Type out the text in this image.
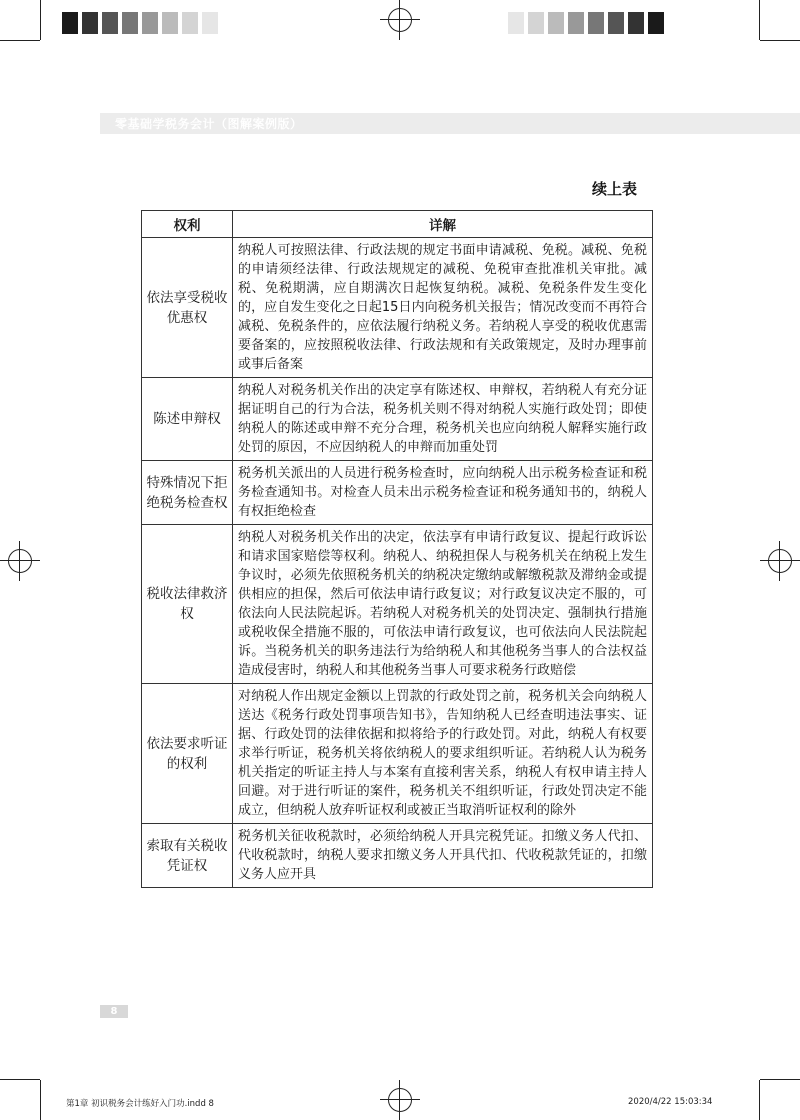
零基础学税务会计（图解案例版）
续上表
权利	详解
依法享受税收优惠权	纳税人可按照法律、行政法规的规定书面申请减税、免税。减税、免税的申请须经法律、行政法规规定的减税、免税审查批准机关审批。减税、免税期满，应自期满次日起恢复纳税。减税、免税条件发生变化的，应自发生变化之日起15日内向税务机关报告；情况改变而不再符合减税、免税条件的，应依法履行纳税义务。若纳税人享受的税收优惠需要备案的，应按照税收法律、行政法规和有关政策规定，及时办理事前或事后备案
陈述申辩权	纳税人对税务机关作出的决定享有陈述权、申辩权，若纳税人有充分证据证明自己的行为合法，税务机关则不得对纳税人实施行政处罚；即使纳税人的陈述或申辩不充分合理，税务机关也应向纳税人解释实施行政处罚的原因，不应因纳税人的申辩而加重处罚
特殊情况下拒绝税务检查权	税务机关派出的人员进行税务检查时，应向纳税人出示税务检查证和税务检查通知书。对检查人员未出示税务检查证和税务通知书的，纳税人有权拒绝检查
税收法律救济权	纳税人对税务机关作出的决定，依法享有申请行政复议、提起行政诉讼和请求国家赔偿等权利。纳税人、纳税担保人与税务机关在纳税上发生争议时，必须先依照税务机关的纳税决定缴纳或解缴税款及滞纳金或提供相应的担保，然后可依法申请行政复议；对行政复议决定不服的，可依法向人民法院起诉。若纳税人对税务机关的处罚决定、强制执行措施或税收保全措施不服的，可依法申请行政复议，也可依法向人民法院起诉。当税务机关的职务违法行为给纳税人和其他税务当事人的合法权益造成侵害时，纳税人和其他税务当事人可要求税务行政赔偿
依法要求听证的权利	对纳税人作出规定金额以上罚款的行政处罚之前，税务机关会向纳税人送达《税务行政处罚事项告知书》，告知纳税人已经查明违法事实、证据、行政处罚的法律依据和拟将给予的行政处罚。对此，纳税人有权要求举行听证，税务机关将依纳税人的要求组织听证。若纳税人认为税务机关指定的听证主持人与本案有直接利害关系，纳税人有权申请主持人回避。对于进行听证的案件，税务机关不组织听证，行政处罚决定不能成立，但纳税人放弃听证权利或被正当取消听证权利的除外
索取有关税收凭证权	税务机关征收税款时，必须给纳税人开具完税凭证。扣缴义务人代扣、代收税款时，纳税人要求扣缴义务人开具代扣、代收税款凭证的，扣缴义务人应开具
8
第1章 初识税务会计练好入门功.indd 8	2020/4/22 15:03:34
